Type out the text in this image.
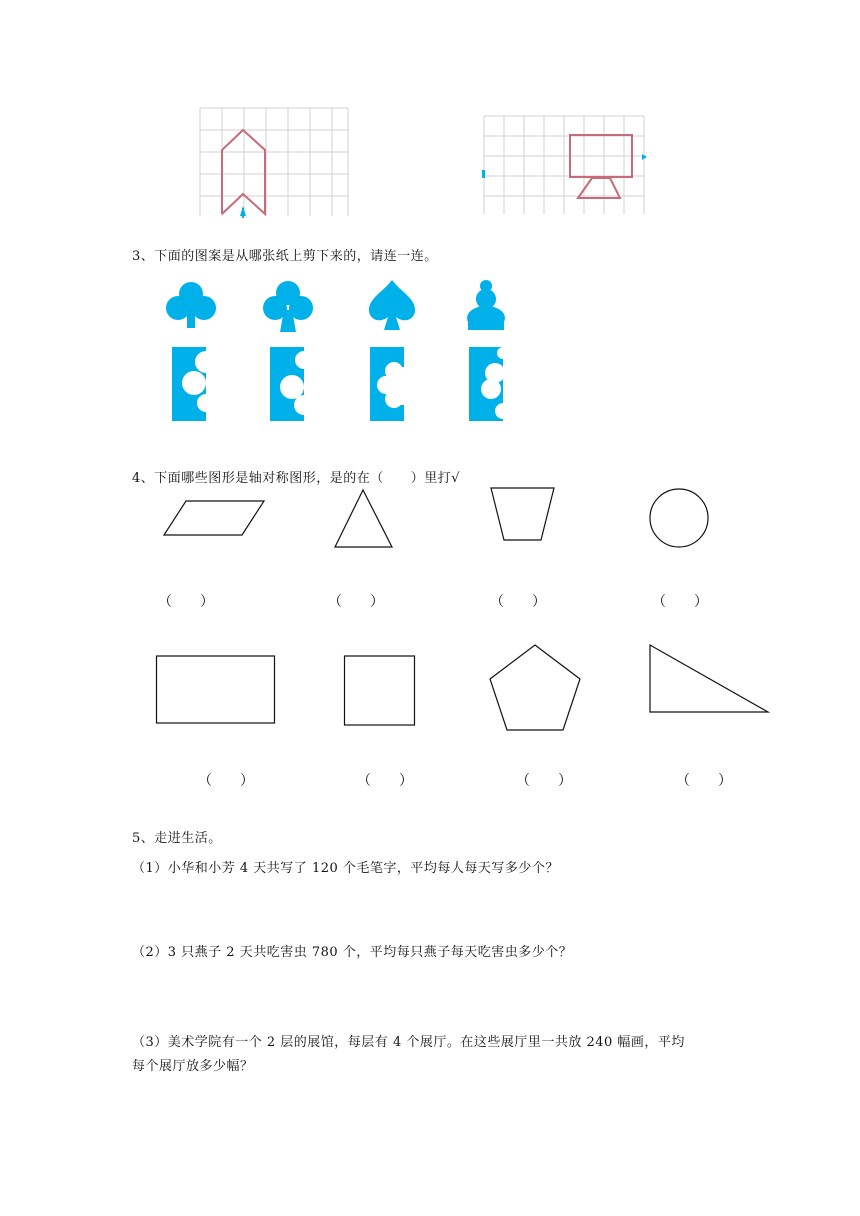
3、下面的图案是从哪张纸上剪下来的，请连一连。
4、下面哪些图形是轴对称图形，是的在（　　）里打√
（　　）	（　　）	（　　）	（　　）
（　　）	（　　）	（　　）	（　　）
5、走进生活。
（1）小华和小芳 4 天共写了 120 个毛笔字，平均每人每天写多少个？
（2）3 只燕子 2 天共吃害虫 780 个，平均每只燕子每天吃害虫多少个？
（3）美术学院有一个 2 层的展馆，每层有 4 个展厅。在这些展厅里一共放 240 幅画，平均
每个展厅放多少幅？
